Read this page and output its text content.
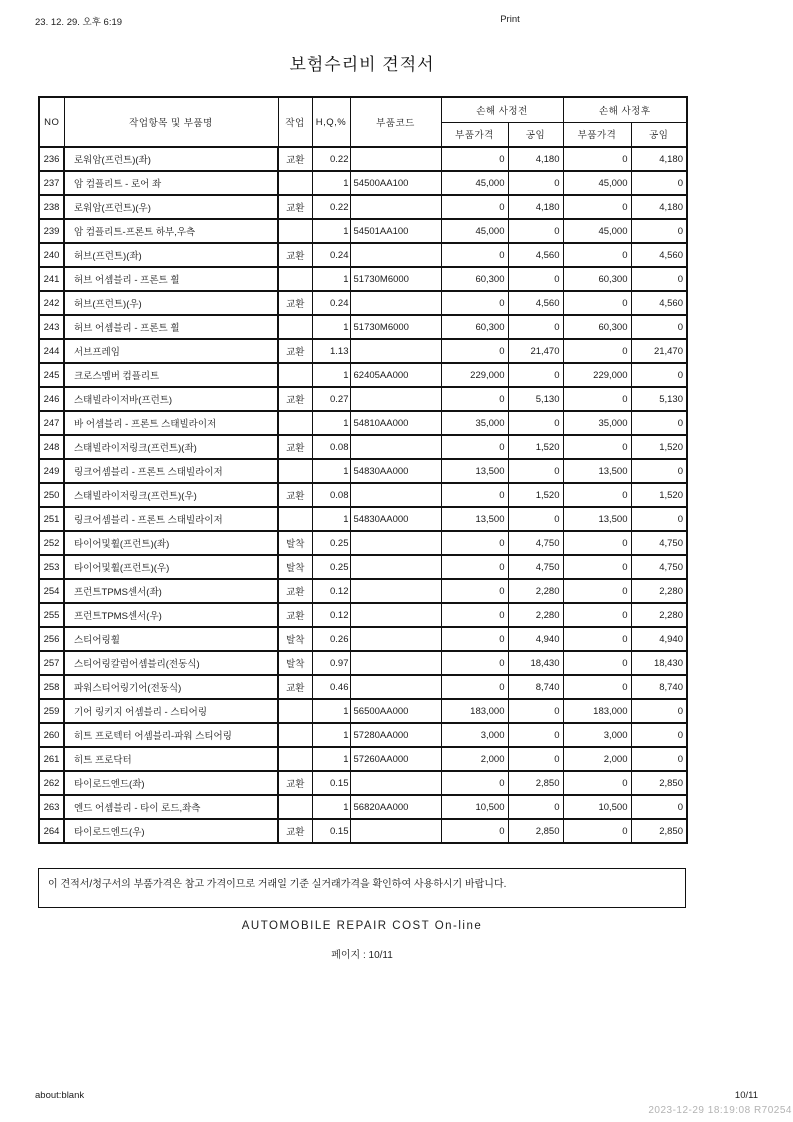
23. 12. 29. 오후 6:19	Print
보험수리비 견적서
NO	작업항목 및 부품명	작업	H,Q,%	부품코드	손해 사정전		손해 사정후	
					부품가격	공임	부품가격	공임
236	로워암(프런트)(좌)	교환	0.22		0	4,180	0	4,180
237	암 컴플리트 - 로어 좌		1	54500AA100	45,000	0	45,000	0
238	로워암(프런트)(우)	교환	0.22		0	4,180	0	4,180
239	암 컴플리트-프론트 하부,우측		1	54501AA100	45,000	0	45,000	0
240	허브(프런트)(좌)	교환	0.24		0	4,560	0	4,560
241	허브 어셈블리 - 프론트 휠		1	51730M6000	60,300	0	60,300	0
242	허브(프런트)(우)	교환	0.24		0	4,560	0	4,560
243	허브 어셈블리 - 프론트 휠		1	51730M6000	60,300	0	60,300	0
244	서브프레임	교환	1.13		0	21,470	0	21,470
245	크로스멤버 컴플리트		1	62405AA000	229,000	0	229,000	0
246	스태빌라이저바(프런트)	교환	0.27		0	5,130	0	5,130
247	바 어셈블리 - 프론트 스태빌라이저		1	54810AA000	35,000	0	35,000	0
248	스태빌라이저링크(프런트)(좌)	교환	0.08		0	1,520	0	1,520
249	링크어셈블리 - 프론트 스태빌라이저		1	54830AA000	13,500	0	13,500	0
250	스태빌라이저링크(프런트)(우)	교환	0.08		0	1,520	0	1,520
251	링크어셈블리 - 프론트 스태빌라이저		1	54830AA000	13,500	0	13,500	0
252	타이어및휠(프런트)(좌)	탈착	0.25		0	4,750	0	4,750
253	타이어및휠(프런트)(우)	탈착	0.25		0	4,750	0	4,750
254	프런트TPMS센서(좌)	교환	0.12		0	2,280	0	2,280
255	프런트TPMS센서(우)	교환	0.12		0	2,280	0	2,280
256	스티어링휠	탈착	0.26		0	4,940	0	4,940
257	스티어링칼럼어셈블리(전동식)	탈착	0.97		0	18,430	0	18,430
258	파워스티어링기어(전동식)	교환	0.46		0	8,740	0	8,740
259	기어 링키지 어셈블리 - 스티어링		1	56500AA000	183,000	0	183,000	0
260	히트 프로텍터 어셈블리-파워 스티어링		1	57280AA000	3,000	0	3,000	0
261	히트 프로닥터		1	57260AA000	2,000	0	2,000	0
262	타이로드엔드(좌)	교환	0.15		0	2,850	0	2,850
263	엔드 어셈블리 - 타이 로드,좌측		1	56820AA000	10,500	0	10,500	0
264	타이로드엔드(우)	교환	0.15		0	2,850	0	2,850
이 견적서/청구서의 부품가격은 참고 가격이므로 거래일 기준 실거래가격을 확인하여 사용하시기 바랍니다.
AUTOMOBILE REPAIR COST On-line
페이지 : 10/11
about:blank	10/11
2023-12-29 18:19:08 R70254
